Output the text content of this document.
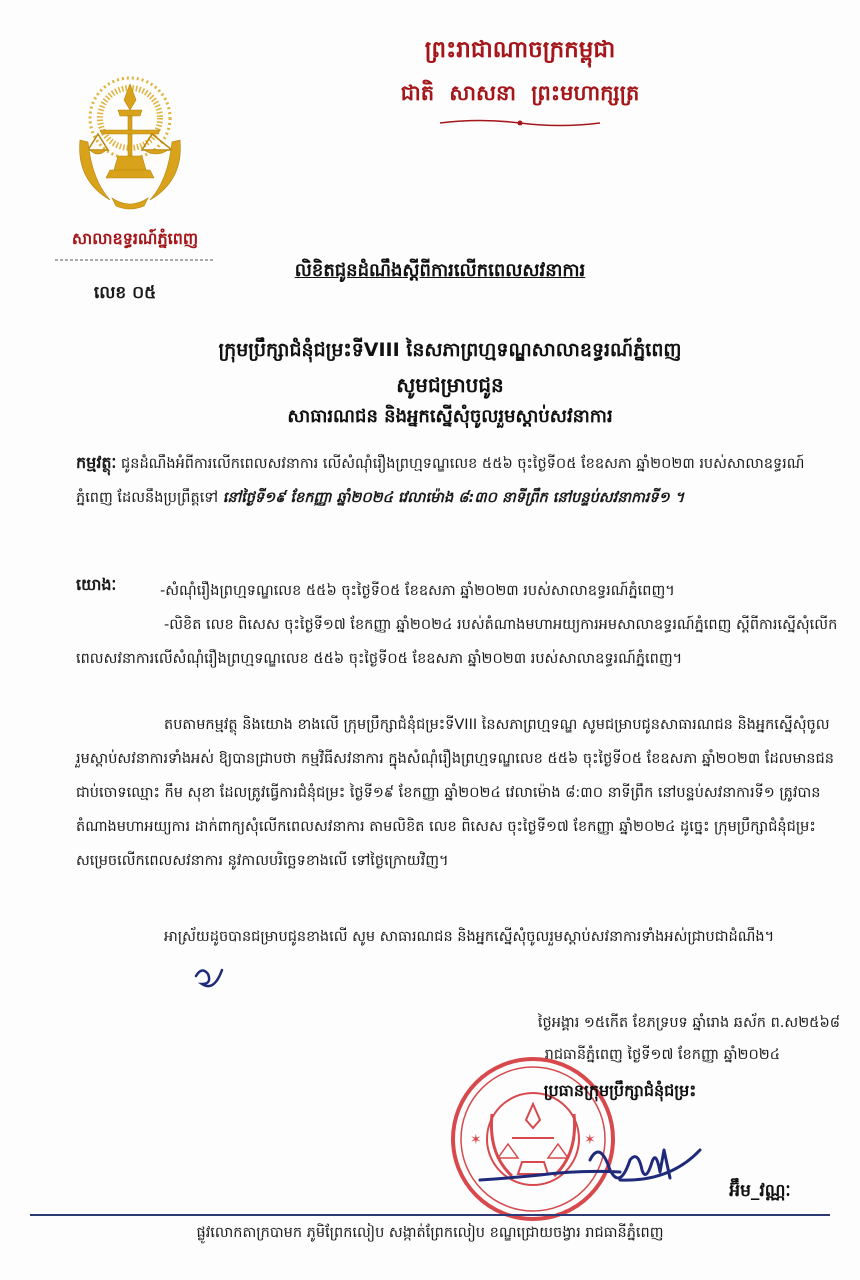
ព្រះរាជាណាចក្រកម្ពុជា
ជាតិ សាសនា ព្រះមហាក្សត្រ
សាលាឧទ្ធរណ៍ភ្នំពេញ
លេខ ០៥
លិខិតជូនដំណឹងស្តីពីការលើកពេលសវនាការ
ក្រុមប្រឹក្សាជំនុំជម្រះទីVIII នៃសភាព្រហ្មទណ្ឌសាលាឧទ្ធរណ៍ភ្នំពេញ
សូមជម្រាបជូន
សាធារណជន និងអ្នកស្នើសុំចូលរួមស្តាប់សវនាការ
កម្មវត្ថុៈ ជូនដំណឹងអំពីការលើកពេលសវនាការ លើសំណុំរឿងព្រហ្មទណ្ឌលេខ ៥៥៦ ចុះថ្ងៃទី០៥ ខែឧសភា ឆ្នាំ២០២៣ របស់សាលាឧទ្ធរណ៍ភ្នំពេញ ដែលនឹងប្រព្រឹត្តទៅ នៅថ្ងៃទី១៩ ខែកញ្ញា ឆ្នាំ២០២៤ វេលាម៉ោង ៨:៣០ នាទីព្រឹក នៅបន្ទប់សវនាការទី១ ។
យោងៈ	-សំណុំរឿងព្រហ្មទណ្ឌលេខ ៥៥៦ ចុះថ្ងៃទី០៥ ខែឧសភា ឆ្នាំ២០២៣ របស់សាលាឧទ្ធរណ៍ភ្នំពេញ។
-លិខិត លេខ ពិសេស ចុះថ្ងៃទី១៧ ខែកញ្ញា ឆ្នាំ២០២៤ របស់តំណាងមហាអយ្យការអមសាលាឧទ្ធរណ៍ភ្នំពេញ ស្តីពីការស្នើសុំលើកពេលសវនាការលើសំណុំរឿងព្រហ្មទណ្ឌលេខ ៥៥៦ ចុះថ្ងៃទី០៥ ខែឧសភា ឆ្នាំ២០២៣ របស់សាលាឧទ្ធរណ៍ភ្នំពេញ។
តបតាមកម្មវត្ថុ និងយោង ខាងលើ ក្រុមប្រឹក្សាជំនុំជម្រះទីVIII នៃសភាព្រហ្មទណ្ឌ សូមជម្រាបជូនសាធារណជន និងអ្នកស្នើសុំចូលរួមស្តាប់សវនាការទាំងអស់ ឱ្យបានជ្រាបថា កម្មវិធីសវនាការ ក្នុងសំណុំរឿងព្រហ្មទណ្ឌលេខ ៥៥៦ ចុះថ្ងៃទី០៥ ខែឧសភា ឆ្នាំ២០២៣ ដែលមានជនជាប់ចោទឈ្មោះ កឹម សុខា ដែលត្រូវធ្វើការជំនុំជម្រះ ថ្ងៃទី១៩ ខែកញ្ញា ឆ្នាំ២០២៤ វេលាម៉ោង ៨:៣០ នាទីព្រឹក នៅបន្ទប់សវនាការទី១ ត្រូវបានតំណាងមហាអយ្យការ ដាក់ពាក្យសុំលើកពេលសវនាការ តាមលិខិត លេខ ពិសេស ចុះថ្ងៃទី១៧ ខែកញ្ញា ឆ្នាំ២០២៤ ដូច្នេះ ក្រុមប្រឹក្សាជំនុំជម្រះ សម្រេចលើកពេលសវនាការ នូវកាលបរិច្ឆេទខាងលើ ទៅថ្ងៃក្រោយវិញ។
អាស្រ័យដូចបានជម្រាបជូនខាងលើ សូម សាធារណជន និងអ្នកស្នើសុំចូលរួមស្តាប់សវនាការទាំងអស់ជ្រាបជាដំណឹង។
ថ្ងៃអង្គារ ១៥កើត ខែភទ្របទ ឆ្នាំរោង ឆស័ក ព.ស២៥៦៨
រាជធានីភ្នំពេញ ថ្ងៃទី១៧ ខែកញ្ញា ឆ្នាំ២០២៤
✶	✶
ប្រធានក្រុមប្រឹក្សាជំនុំជម្រះ
អ៊ឹម_វណ្ណៈ
ផ្លូវលោកតាក្របាមក ភូមិព្រែកលៀប សង្កាត់ព្រែកលៀប ខណ្ឌជ្រោយចង្វារ រាជធានីភ្នំពេញ
